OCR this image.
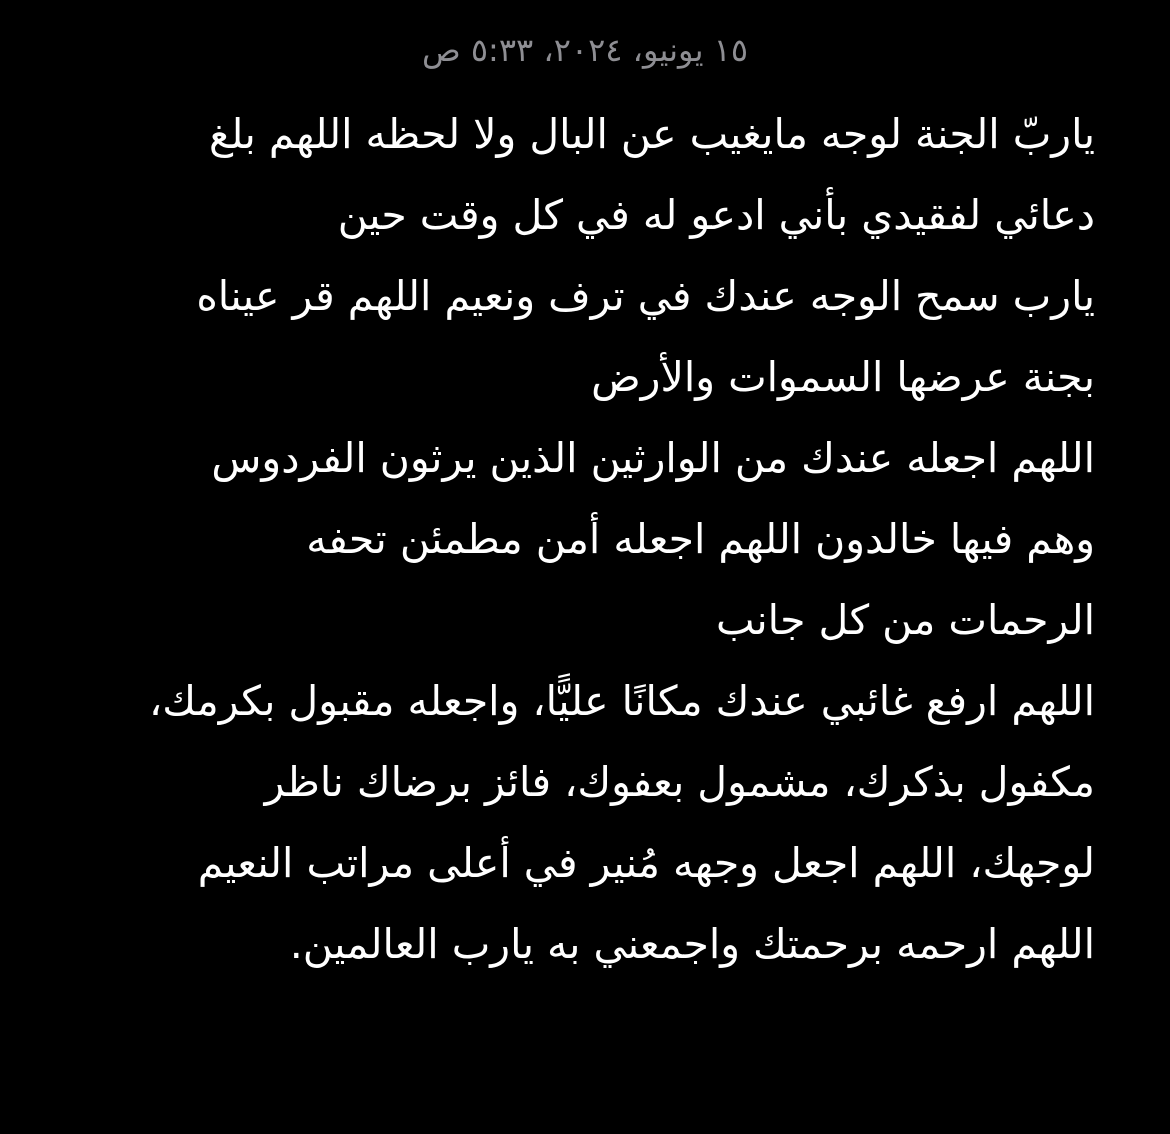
١٥ يونيو، ٢٠٢٤، ٥:٣٣ ص
ياربّ الجنة لوجه مايغيب عن البال ولا لحظه اللهم بلغ
دعائي لفقيدي بأني ادعو له في كل وقت حين
يارب سمح الوجه عندك في ترف ونعيم اللهم قر عيناه
بجنة عرضها السموات والأرض
اللهم اجعله عندك من الوارثين الذين يرثون الفردوس
وهم فيها خالدون اللهم اجعله أمن مطمئن تحفه
الرحمات من كل جانب
اللهم ارفع غائبي عندك مكانًا عليًّا، واجعله مقبول بكرمك،
مكفول بذكرك، مشمول بعفوك، فائز برضاك ناظر
لوجهك، اللهم اجعل وجهه مُنير في أعلى مراتب النعيم
اللهم ارحمه برحمتك واجمعني به يارب العالمين.
